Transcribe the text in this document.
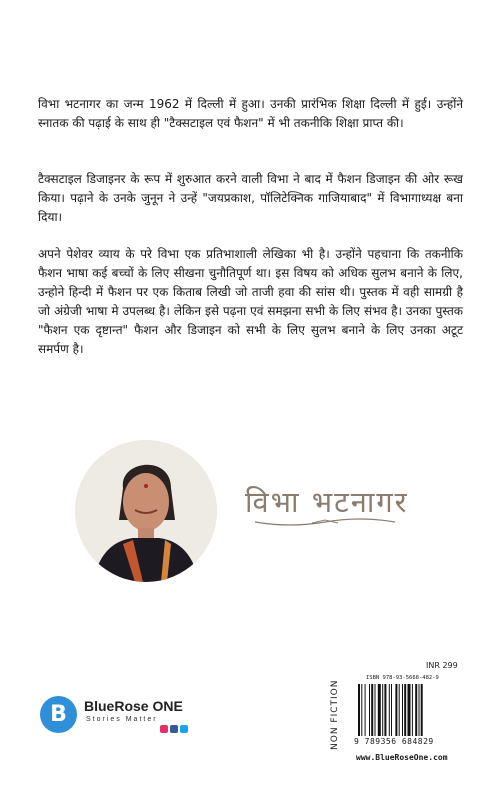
विभा भटनागर का जन्म 1962 में दिल्ली में हुआ। उनकी प्रारंभिक शिक्षा दिल्ली में हुई। उन्होंने स्नातक की पढ़ाई के साथ ही "टैक्सटाइल एवं फैशन" में भी तकनीकि शिक्षा प्राप्त की।

टैक्सटाइल डिजाइनर के रूप में शुरुआत करने वाली विभा ने बाद में फैशन डिजाइन की ओर रूख किया। पढ़ाने के उनके जुनून ने उन्हें "जयप्रकाश, पॉलिटेक्निक गाजियाबाद" में विभागाध्यक्ष बना दिया।

अपने पेशेवर व्याय के परे विभा एक प्रतिभाशाली लेखिका भी है। उन्होंने पहचाना कि तकनीकि फैशन भाषा कई बच्चों के लिए सीखना चुनौतिपूर्ण था। इस विषय को अधिक सुलभ बनाने के लिए, उन्होने हिन्दी में फैशन पर एक किताब लिखी जो ताजी हवा की सांस थी। पुस्तक में वही सामग्री है जो अंग्रेजी भाषा मे उपलब्ध है। लेकिन इसे पढ़ना एवं समझना सभी के लिए संभव है। उनका पुस्तक "फैशन एक दृष्टान्त" फैशन और डिजाइन को सभी के लिए सुलभ बनाने के लिए उनका अटूट समर्पण है।

विभा भटनागर

B	BlueRose ONE

Stories Matter	NON FICTION

INR 299

ISBN 978-93-5668-482-9

9 789356 684829

www.BlueRoseOne.com
